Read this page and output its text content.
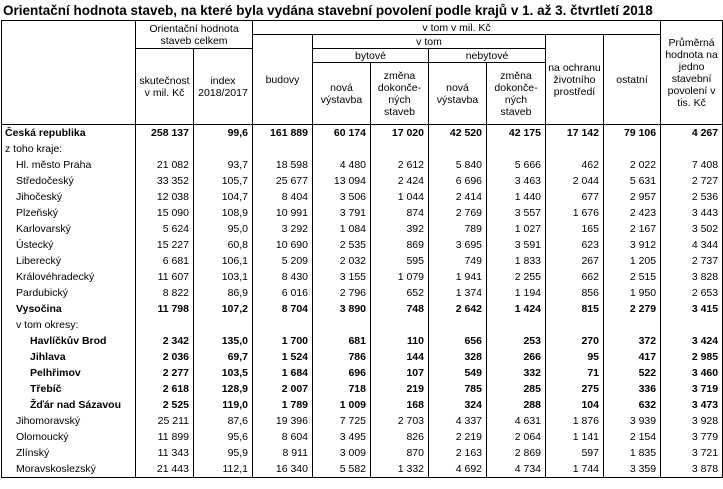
Orientační hodnota staveb, na které byla vydána stavební povolení podle krajů v 1. až 3. čtvrtletí 2018
	Orientační hodnota staveb celkem		v tom v mil. Kč							Průměrná hodnota na jedno stavební povolení v tis. Kč
			budovy	v tom				na ochranu životního prostředí	ostatní	
	skutečnost v mil. Kč	index 2018/2017		bytové		nebytové				
				nová výstavba	změna dokonče-ných staveb	nová výstavba	změna dokonče-ných staveb			
Česká republika	258 137	99,6	161 889	60 174	17 020	42 520	42 175	17 142	79 106	4 267
z toho kraje:										
Hl. město Praha	21 082	93,7	18 598	4 480	2 612	5 840	5 666	462	2 022	7 408
Středočeský	33 352	105,7	25 677	13 094	2 424	6 696	3 463	2 044	5 631	2 727
Jihočeský	12 038	104,7	8 404	3 506	1 044	2 414	1 440	677	2 957	2 536
Plzeňský	15 090	108,9	10 991	3 791	874	2 769	3 557	1 676	2 423	3 443
Karlovarský	5 624	95,0	3 292	1 084	392	789	1 027	165	2 167	3 502
Ústecký	15 227	60,8	10 690	2 535	869	3 695	3 591	623	3 912	4 344
Liberecký	6 681	106,1	5 209	2 032	595	749	1 833	267	1 205	2 737
Královéhradecký	11 607	103,1	8 430	3 155	1 079	1 941	2 255	662	2 515	3 828
Pardubický	8 822	86,9	6 016	2 796	652	1 374	1 194	856	1 950	2 653
Vysočina	11 798	107,2	8 704	3 890	748	2 642	1 424	815	2 279	3 415
v tom okresy:										
Havlíčkův Brod	2 342	135,0	1 700	681	110	656	253	270	372	3 424
Jihlava	2 036	69,7	1 524	786	144	328	266	95	417	2 985
Pelhřimov	2 277	103,5	1 684	696	107	549	332	71	522	3 460
Třebíč	2 618	128,9	2 007	718	219	785	285	275	336	3 719
Žďár nad Sázavou	2 525	119,0	1 789	1 009	168	324	288	104	632	3 473
Jihomoravský	25 211	87,6	19 396	7 725	2 703	4 337	4 631	1 876	3 939	3 928
Olomoucký	11 899	95,6	8 604	3 495	826	2 219	2 064	1 141	2 154	3 779
Zlínský	11 343	95,9	8 911	3 009	870	2 163	2 869	597	1 835	3 721
Moravskoslezský	21 443	112,1	16 340	5 582	1 332	4 692	4 734	1 744	3 359	3 878
